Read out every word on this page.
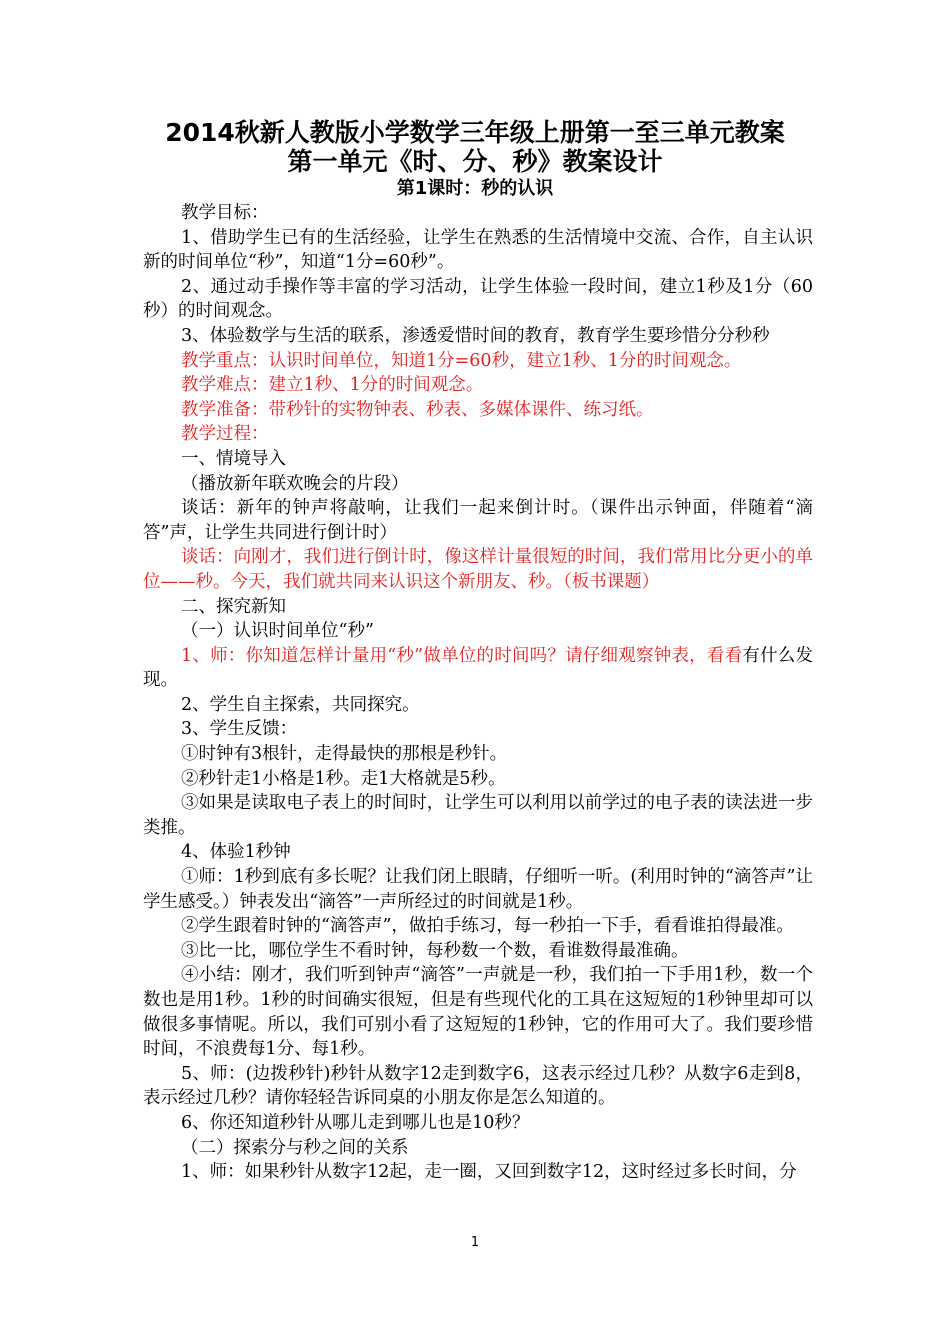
2014秋新人教版小学数学三年级上册第一至三单元教案
第一单元《时、分、秒》教案设计
第1课时：秒的认识

教学目标：

1、借助学生已有的生活经验，让学生在熟悉的生活情境中交流、合作，自主认识新的时间单位“秒”，知道“1分=60秒”。

2、通过动手操作等丰富的学习活动，让学生体验一段时间，建立1秒及1分（60秒）的时间观念。

3、体验数学与生活的联系，渗透爱惜时间的教育，教育学生要珍惜分分秒秒

教学重点：认识时间单位，知道1分=60秒，建立1秒、1分的时间观念。

教学难点：建立1秒、1分的时间观念。

教学准备：带秒针的实物钟表、秒表、多媒体课件、练习纸。

教学过程：

一、情境导入

（播放新年联欢晚会的片段）

谈话：新年的钟声将敲响，让我们一起来倒计时。（课件出示钟面，伴随着“滴答”声，让学生共同进行倒计时）

谈话：向刚才，我们进行倒计时，像这样计量很短的时间，我们常用比分更小的单位——秒。今天，我们就共同来认识这个新朋友、秒。（板书课题）

二、探究新知

（一）认识时间单位“秒”

1、师：你知道怎样计量用“秒”做单位的时间吗？请仔细观察钟表，看看有什么发现。

2、学生自主探索，共同探究。

3、学生反馈：

①时钟有3根针，走得最快的那根是秒针。

②秒针走1小格是1秒。走1大格就是5秒。

③如果是读取电子表上的时间时，让学生可以利用以前学过的电子表的读法进一步类推。

4、体验1秒钟

①师：1秒到底有多长呢？让我们闭上眼睛，仔细听一听。(利用时钟的“滴答声”让学生感受。）钟表发出“滴答”一声所经过的时间就是1秒。

②学生跟着时钟的“滴答声”，做拍手练习，每一秒拍一下手，看看谁拍得最准。

③比一比，哪位学生不看时钟，每秒数一个数，看谁数得最准确。

④小结：刚才，我们听到钟声“滴答”一声就是一秒，我们拍一下手用1秒，数一个数也是用1秒。1秒的时间确实很短，但是有些现代化的工具在这短短的1秒钟里却可以做很多事情呢。所以，我们可别小看了这短短的1秒钟，它的作用可大了。我们要珍惜时间，不浪费每1分、每1秒。

5、师：(边拨秒针)秒针从数字12走到数字6，这表示经过几秒？从数字6走到8，表示经过几秒？请你轻轻告诉同桌的小朋友你是怎么知道的。

6、你还知道秒针从哪儿走到哪儿也是10秒？

（二）探索分与秒之间的关系

1、师：如果秒针从数字12起，走一圈，又回到数字12，这时经过多长时间，分

1
